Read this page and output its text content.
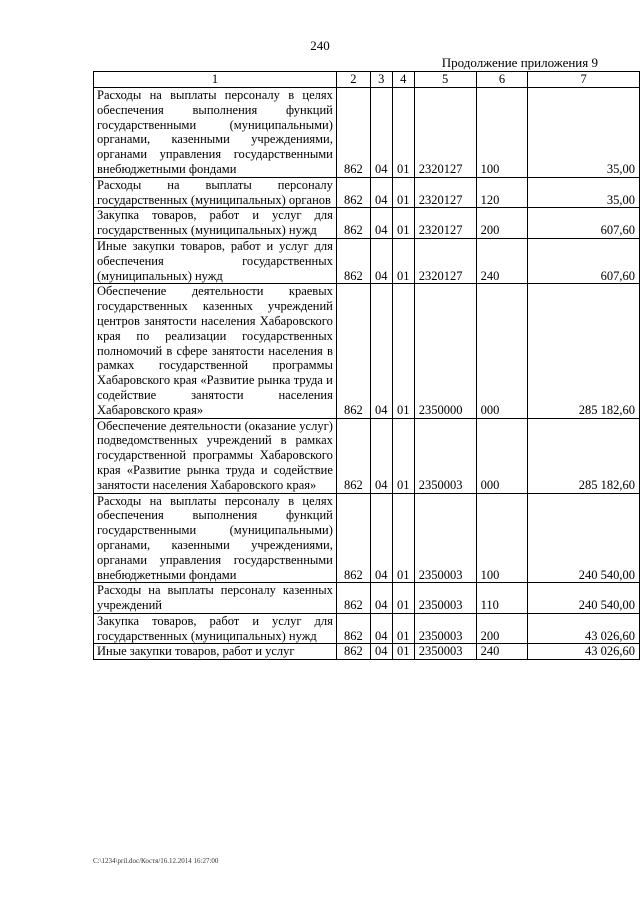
240
Продолжение приложения 9
1	2	3	4	5	6	7
Расходы на выплаты персоналу в целях обеспечения выполнения функций государственными (муниципальными) органами, казенными учреждениями, органами управления государственными внебюджетными фондами	862	04	01	2320127	100	35,00
Расходы на выплаты персоналу государственных (муниципальных) органов	862	04	01	2320127	120	35,00
Закупка товаров, работ и услуг для государственных (муниципальных) нужд	862	04	01	2320127	200	607,60
Иные закупки товаров, работ и услуг для обеспечения государственных (муниципальных) нужд	862	04	01	2320127	240	607,60
Обеспечение деятельности краевых государственных казенных учреждений центров занятости населения Хабаровского края по реализации государственных полномочий в сфере занятости населения в рамках государственной программы Хабаровского края «Развитие рынка труда и содействие занятости населения Хабаровского края»	862	04	01	2350000	000	285 182,60
Обеспечение деятельности (оказание услуг) подведомственных учреждений в рамках государственной программы Хабаровского края «Развитие рынка труда и содействие занятости населения Хабаровского края»	862	04	01	2350003	000	285 182,60
Расходы на выплаты персоналу в целях обеспечения выполнения функций государственными (муниципальными) органами, казенными учреждениями, органами управления государственными внебюджетными фондами	862	04	01	2350003	100	240 540,00
Расходы на выплаты персоналу казенных учреждений	862	04	01	2350003	110	240 540,00
Закупка товаров, работ и услуг для государственных (муниципальных) нужд	862	04	01	2350003	200	43 026,60
Иные закупки товаров, работ и услуг	862	04	01	2350003	240	43 026,60
C:\1234\pril.doc/Костя/16.12.2014 16:27:00
